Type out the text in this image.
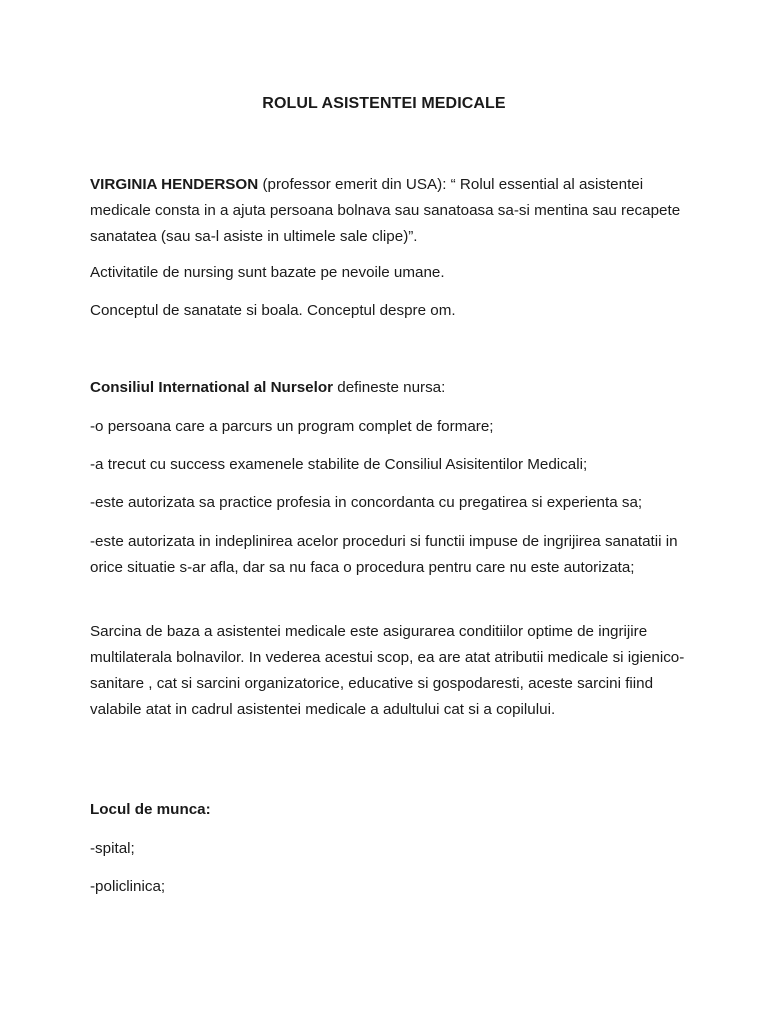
ROLUL ASISTENTEI MEDICALE

VIRGINIA HENDERSON (professor emerit din USA): “ Rolul essential al asistentei medicale consta in a ajuta persoana bolnava sau sanatoasa sa-si mentina sau recapete sanatatea (sau sa-l asiste in ultimele sale clipe)”.

Activitatile de nursing sunt bazate pe nevoile umane.

Conceptul de sanatate si boala. Conceptul despre om.

Consiliul International al Nurselor defineste nursa:

-o persoana care a parcurs un program complet de formare;

-a trecut cu success examenele stabilite de Consiliul Asisitentilor Medicali;

-este autorizata sa practice profesia in concordanta cu pregatirea si experienta sa;

-este autorizata in indeplinirea acelor proceduri si functii impuse de ingrijirea sanatatii in orice situatie s-ar afla, dar sa nu faca o procedura pentru care nu este autorizata;

Sarcina de baza a asistentei medicale este asigurarea conditiilor optime de ingrijire multilaterala bolnavilor. In vederea acestui scop, ea are atat atributii medicale si igienico-sanitare , cat si sarcini organizatorice, educative si gospodaresti, aceste sarcini fiind valabile atat in cadrul asistentei medicale a adultului cat si a copilului.

Locul de munca:

-spital;

-policlinica;
